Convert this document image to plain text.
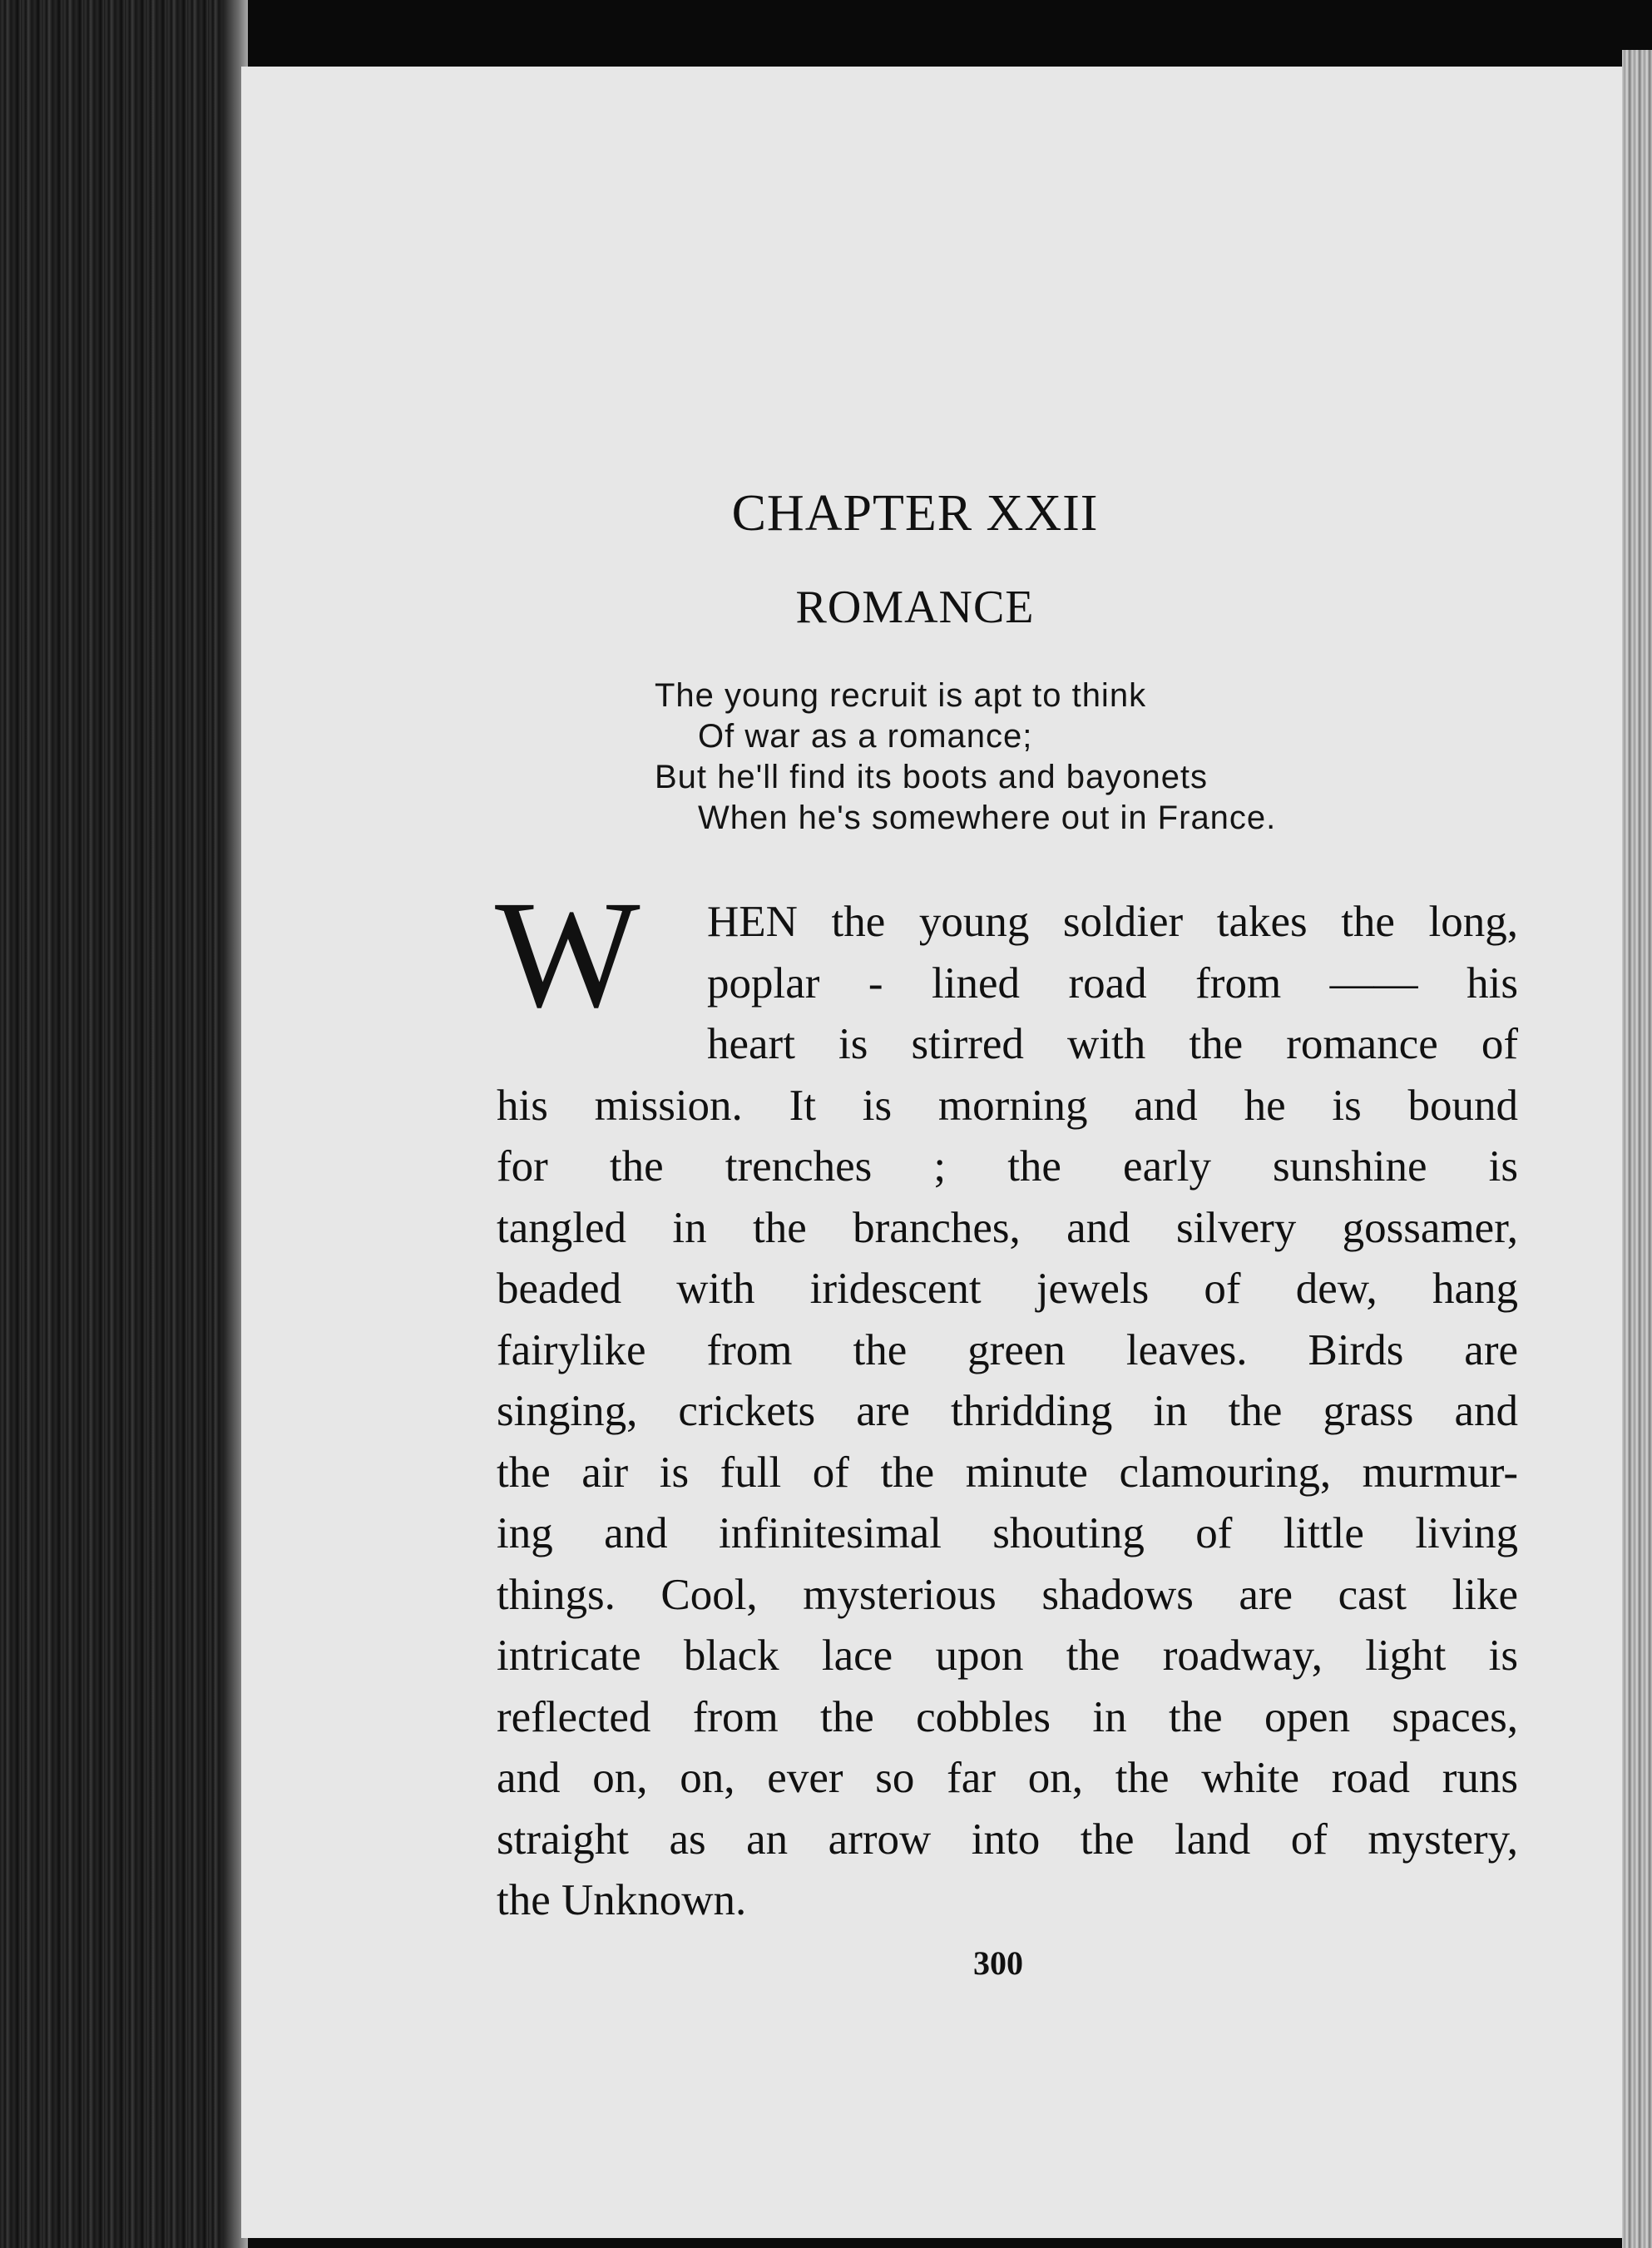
CHAPTER XXII
ROMANCE
The young recruit is apt to think
Of war as a romance;
But he'll find its boots and bayonets
When he's somewhere out in France.
W	HEN the young soldier takes the long,
poplar - lined road from —— his
heart is stirred with the romance of
his mission. It is morning and he is bound
for the trenches ; the early sunshine is
tangled in the branches, and silvery gossamer,
beaded with iridescent jewels of dew, hang
fairylike from the green leaves. Birds are
singing, crickets are thridding in the grass and
the air is full of the minute clamouring, murmur-
ing and infinitesimal shouting of little living
things. Cool, mysterious shadows are cast like
intricate black lace upon the roadway, light is
reflected from the cobbles in the open spaces,
and on, on, ever so far on, the white road runs
straight as an arrow into the land of mystery,
the Unknown.
300
